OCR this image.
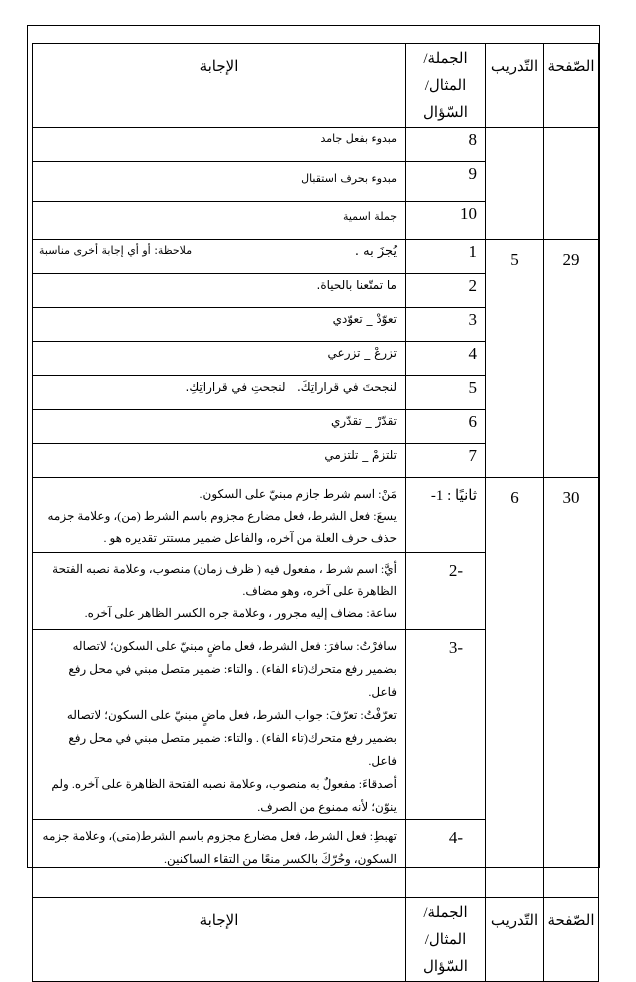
الصّفحة	التّدريب	الجملة/
المثال/السّؤال	الإجابة
		8	مبدوء بفعل جامد
		9	مبدوء بحرف استقبال
		10	جملة اسمية
29	5	1	يُجزَ به .
ملاحظة: أو أي إجابة أخرى مناسبة

		2	ما تمتّعنا بالحياة.
		3	تعوّدْ _ تعوّدي
		4	تزرعْ _ تزرعي
		5	لنجحتَ في قراراتِكَ.   لنجحتِ في قراراتِكِ.
		6	تقدّرْ _ تقدّري
		7	تلتزمْ _ تلتزمي
30	6	ثانيًا : 1-	مَنْ: اسم شرط جازم مبنيّ على السكون.

يسعَ: فعل الشرط، فعل مضارع مجزوم باسم الشرط (من)، وعلامة جزمه حذف حرف العلة من آخره، والفاعل ضمير مستتر تقديره هو .

		-2	أيَّ: اسم شرط ، مفعول فيه ( ظرف زمان) منصوب، وعلامة نصبه الفتحة الظاهرة على آخره، وهو مضاف.

ساعة: مضاف إليه مجرور ، وعلامة جره الكسر الظاهر على آخره.

		-3	سافرْتُ: سافرَ: فعل الشرط، فعل ماضٍ مبنيّ على السكون؛ لاتصاله بضمير رفع متحرك(تاء الفاء) . والتاء: ضمير متصل مبني في محل رفع فاعل.

تعرّفْتُ: تعرّفَ: جواب الشرط، فعل ماضٍ مبنيّ على السكون؛ لاتصاله بضمير رفع متحرك(تاء الفاء) . والتاء: ضمير متصل مبني في محل رفع فاعل.

أصدقاءَ: مفعولٌ به منصوب، وعلامة نصبه الفتحة الظاهرة على آخره. ولم ينوّن؛ لأنه ممنوع من الصرف.

		-4	تهبطِ: فعل الشرط، فعل مضارع مجزوم باسم الشرط(متى)، وعلامة جزمه السكون، وحُرّكَ بالكسر منعًا من التقاء الساكنين.

الصّفحة	التّدريب	الجملة/
المثال/السّؤال	الإجابة
